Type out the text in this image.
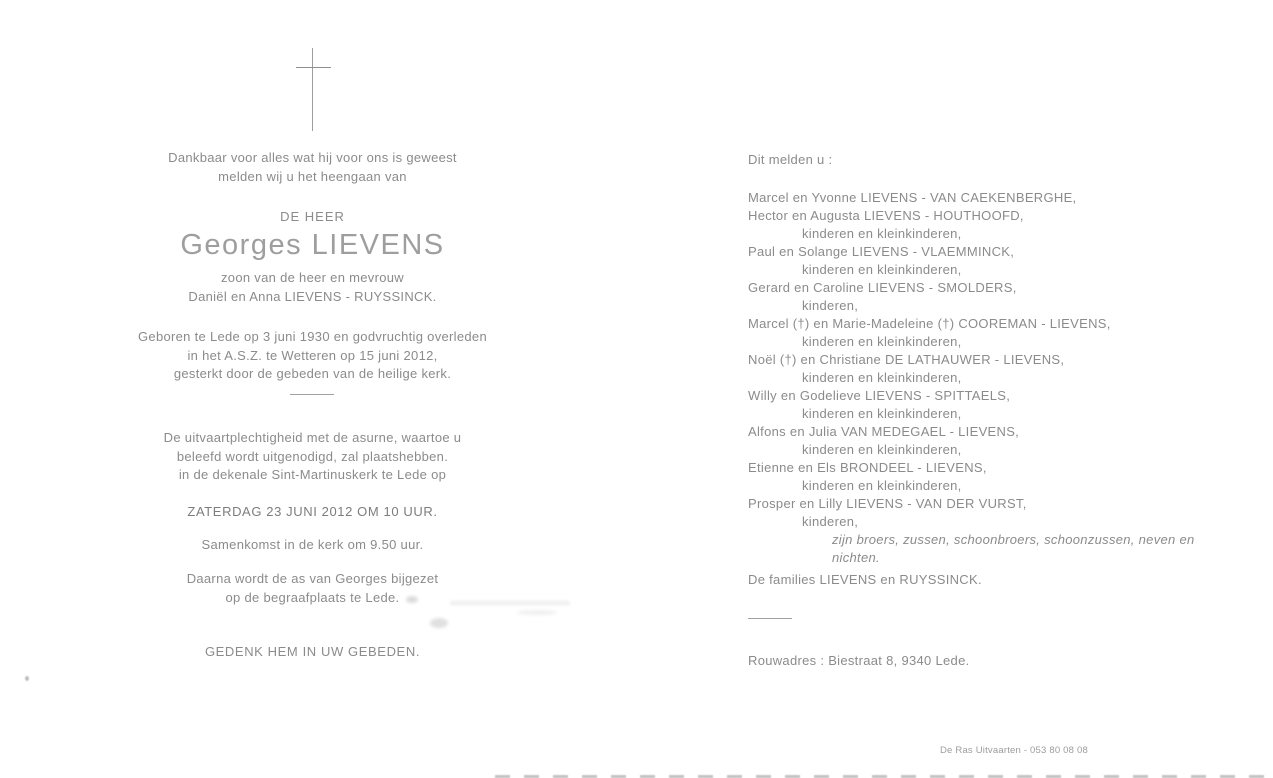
Dankbaar voor alles wat hij voor ons is geweest
melden wij u het heengaan van
DE HEER
Georges LIEVENS
zoon van de heer en mevrouw
Daniël en Anna LIEVENS - RUYSSINCK.
Geboren te Lede op 3 juni 1930 en godvruchtig overleden
in het A.S.Z. te Wetteren op 15 juni 2012,
gesterkt door de gebeden van de heilige kerk.
De uitvaartplechtigheid met de asurne, waartoe u
beleefd wordt uitgenodigd, zal plaatshebben.
in de dekenale Sint-Martinuskerk te Lede op
ZATERDAG 23 JUNI 2012 OM 10 UUR.
Samenkomst in de kerk om 9.50 uur.
Daarna wordt de as van Georges bijgezet
op de begraafplaats te Lede.
GEDENK HEM IN UW GEBEDEN.
Dit melden u :
Marcel en Yvonne LIEVENS - VAN CAEKENBERGHE,
Hector en Augusta LIEVENS - HOUTHOOFD,
kinderen en kleinkinderen,
Paul en Solange LIEVENS - VLAEMMINCK,
kinderen en kleinkinderen,
Gerard en Caroline LIEVENS - SMOLDERS,
kinderen,
Marcel (†) en Marie-Madeleine (†) COOREMAN - LIEVENS,
kinderen en kleinkinderen,
Noël (†) en Christiane DE LATHAUWER - LIEVENS,
kinderen en kleinkinderen,
Willy en Godelieve LIEVENS - SPITTAELS,
kinderen en kleinkinderen,
Alfons en Julia VAN MEDEGAEL - LIEVENS,
kinderen en kleinkinderen,
Etienne en Els BRONDEEL - LIEVENS,
kinderen en kleinkinderen,
Prosper en Lilly LIEVENS - VAN DER VURST,
kinderen,
zijn broers, zussen, schoonbroers, schoonzussen, neven en nichten.
De families LIEVENS en RUYSSINCK.
Rouwadres : Biestraat 8, 9340 Lede.
De Ras Uitvaarten - 053 80 08 08
